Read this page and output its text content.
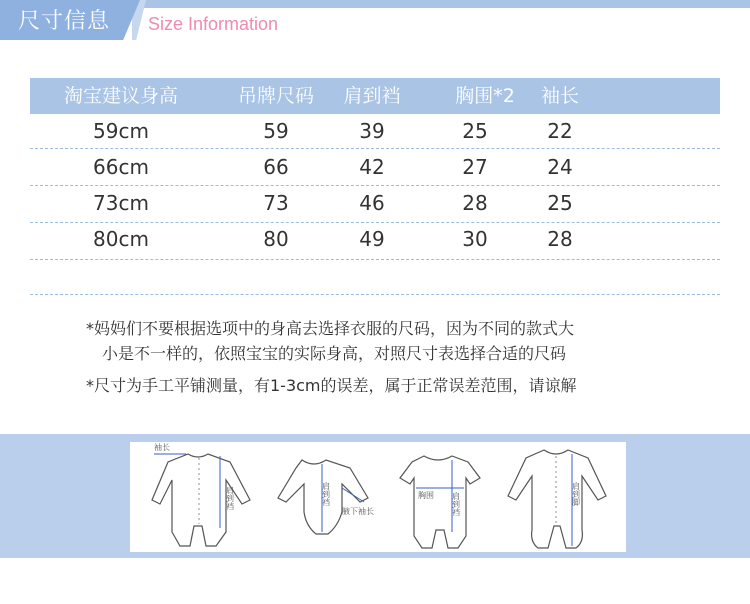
尺寸信息 Size Information
淘宝建议身高	吊牌尺码	肩到裆	胸围*2	袖长
59cm	59	39	25	22
66cm	66	42	27	24
73cm	73	46	28	25
80cm	80	49	30	28
*妈妈们不要根据选项中的身高去选择衣服的尺码，因为不同的款式大
小是不一样的，依照宝宝的实际身高，对照尺寸表选择合适的尺码
*尺寸为手工平铺测量，有1-3cm的误差，属于正常误差范围，请谅解
袖长
肩到裆	肩到裆
腋下袖长
胸围 肩到裆	肩到脚
